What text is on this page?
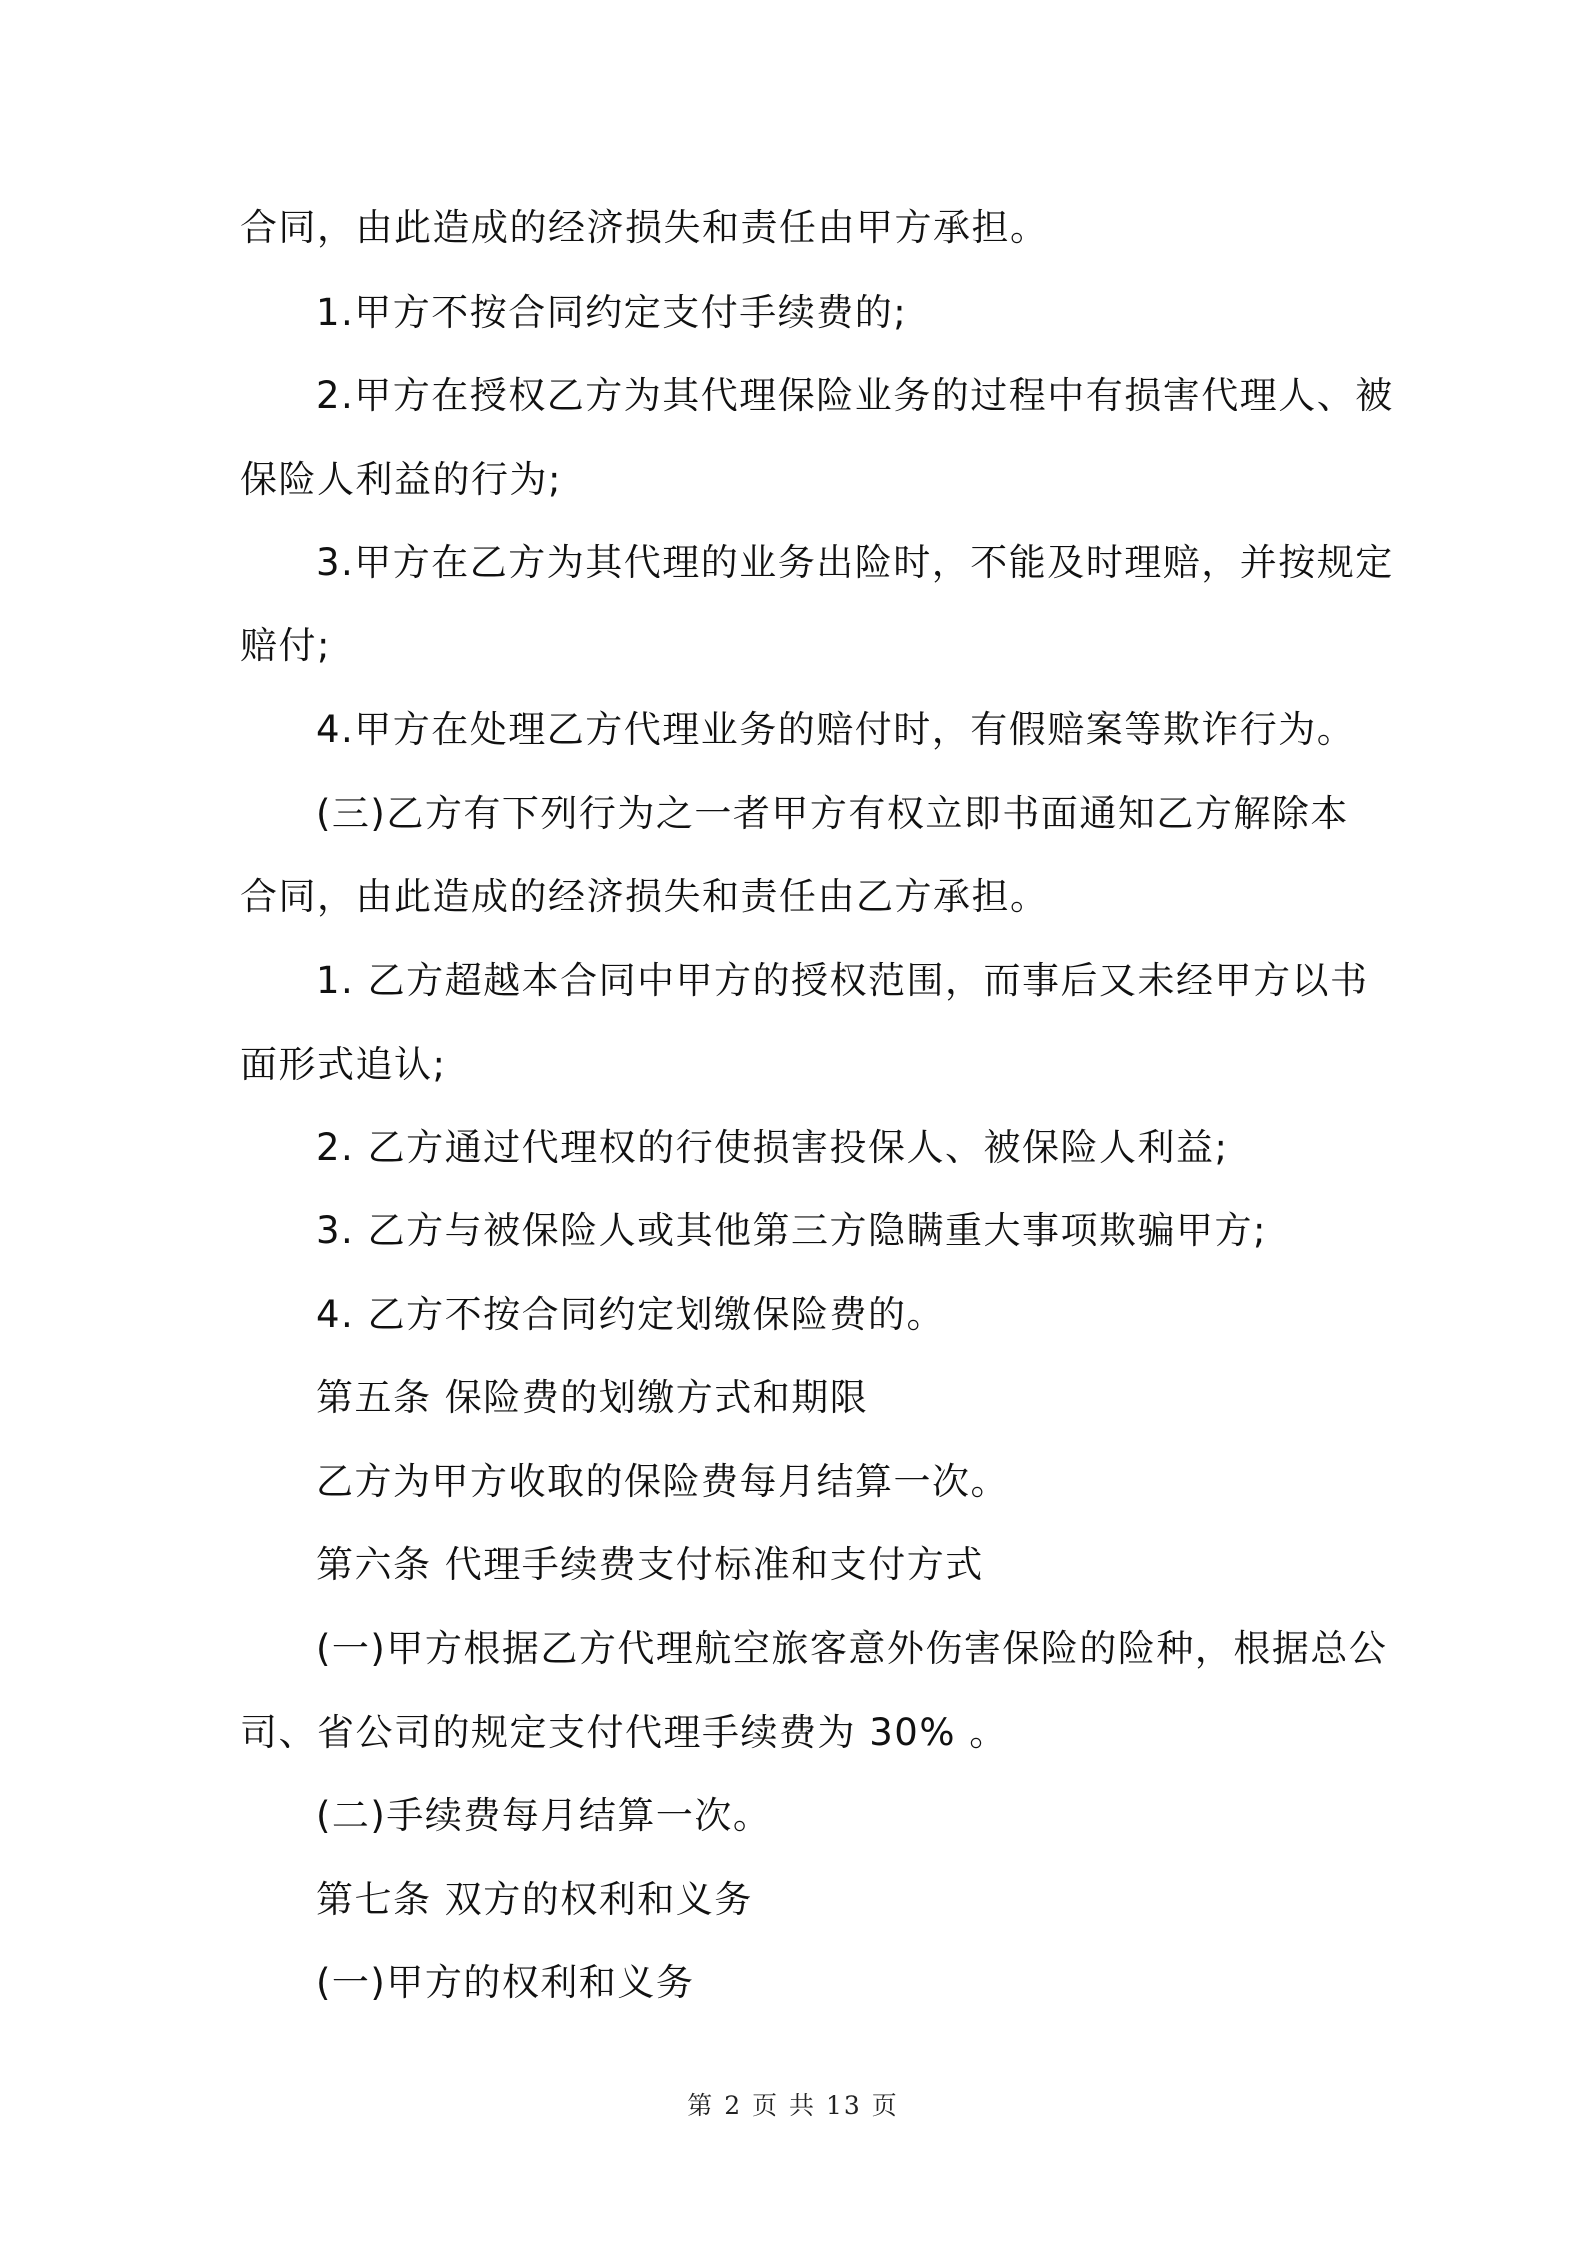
合同，由此造成的经济损失和责任由甲方承担。
1.甲方不按合同约定支付手续费的;
2.甲方在授权乙方为其代理保险业务的过程中有损害代理人、被
保险人利益的行为;
3.甲方在乙方为其代理的业务出险时，不能及时理赔，并按规定
赔付;
4.甲方在处理乙方代理业务的赔付时，有假赔案等欺诈行为。
(三)乙方有下列行为之一者甲方有权立即书面通知乙方解除本
合同，由此造成的经济损失和责任由乙方承担。
1. 乙方超越本合同中甲方的授权范围，而事后又未经甲方以书
面形式追认;
2. 乙方通过代理权的行使损害投保人、被保险人利益;
3. 乙方与被保险人或其他第三方隐瞒重大事项欺骗甲方;
4. 乙方不按合同约定划缴保险费的。
第五条 保险费的划缴方式和期限
乙方为甲方收取的保险费每月结算一次。
第六条 代理手续费支付标准和支付方式
(一)甲方根据乙方代理航空旅客意外伤害保险的险种，根据总公
司、省公司的规定支付代理手续费为 30% 。
(二)手续费每月结算一次。
第七条 双方的权利和义务
(一)甲方的权利和义务
第 2 页 共 13 页
